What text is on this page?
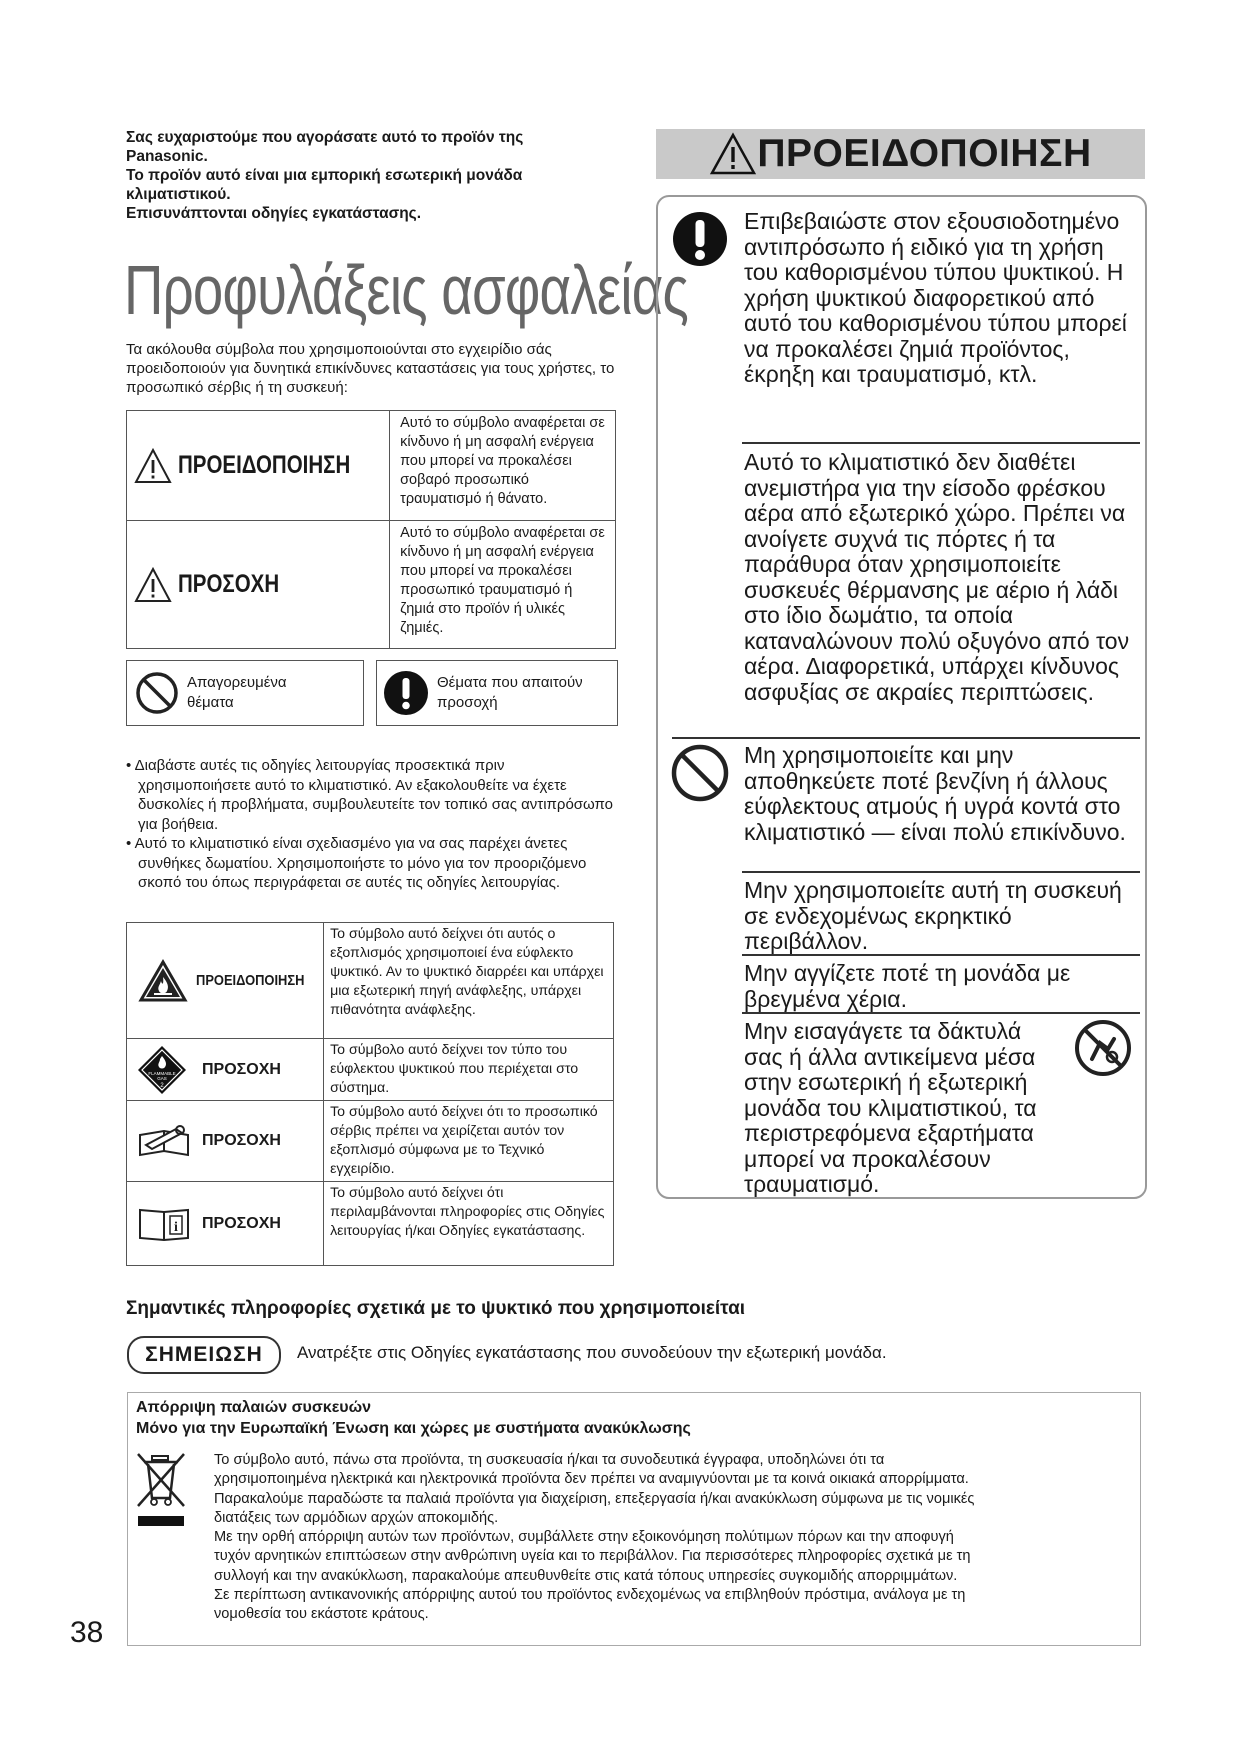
Σας ευχαριστούμε που αγοράσατε αυτό το προϊόν της
Panasonic.
Το προϊόν αυτό είναι μια εμπορική εσωτερική μονάδα
κλιματιστικού.
Επισυνάπτονται οδηγίες εγκατάστασης.
Προφυλάξεις ασφαλείας
Τα ακόλουθα σύμβολα που χρησιμοποιούνται στο εγχειρίδιο σάς προειδοποιούν για δυνητικά επικίνδυνες καταστάσεις για τους χρήστες, το προσωπικό σέρβις ή τη συσκευή:
ΠΡΟΕΙΔΟΠΟΙΗΣΗ	Αυτό το σύμβολο αναφέρεται σε κίνδυνο ή μη ασφαλή ενέργεια που μπορεί να προκαλέσει σοβαρό προσωπικό τραυματισμό ή θάνατο.

ΠΡΟΣΟΧΗ	Αυτό το σύμβολο αναφέρεται σε κίνδυνο ή μη ασφαλή ενέργεια που μπορεί να προκαλέσει προσωπικό τραυματισμό ή ζημιά στο προϊόν ή υλικές ζημιές.
Απαγορευμένα
θέματα
Θέματα που απαιτούν
προσοχή
• Διαβάστε αυτές τις οδηγίες λειτουργίας προσεκτικά πριν χρησιμοποιήσετε αυτό το κλιματιστικό. Αν εξακολουθείτε να έχετε δυσκολίες ή προβλήματα, συμβουλευτείτε τον τοπικό σας αντιπρόσωπο για βοήθεια.
• Αυτό το κλιματιστικό είναι σχεδιασμένο για να σας παρέχει άνετες συνθήκες δωματίου. Χρησιμοποιήστε το μόνο για τον προοριζόμενο σκοπό του όπως περιγράφεται σε αυτές τις οδηγίες λειτουργίας.
ΠΡΟΕΙΔΟΠΟΙΗΣΗ	Το σύμβολο αυτό δείχνει ότι αυτός ο εξοπλισμός χρησιμοποιεί ένα εύφλεκτο ψυκτικό. Αν το ψυκτικό διαρρέει και υπάρχει μια εξωτερική πηγή ανάφλεξης, υπάρχει πιθανότητα ανάφλεξης.

FLAMMABLE
GAS
2
ΠΡΟΣΟΧΗ	Το σύμβολο αυτό δείχνει τον τύπο του εύφλεκτου ψυκτικού που περιέχεται στο σύστημα.

ΠΡΟΣΟΧΗ	Το σύμβολο αυτό δείχνει ότι το προσωπικό σέρβις πρέπει να χειρίζεται αυτόν τον εξοπλισμό σύμφωνα με το Τεχνικό εγχειρίδιο.

i ΠΡΟΣΟΧΗ	Το σύμβολο αυτό δείχνει ότι περιλαμβάνονται πληροφορίες στις Οδηγίες λειτουργίας ή/και Οδηγίες εγκατάστασης.
ΠΡΟΕΙΔΟΠΟΙΗΣΗ
Επιβεβαιώστε στον εξουσιοδοτημένο αντιπρόσωπο ή ειδικό για τη χρήση του καθορισμένου τύπου ψυκτικού. Η χρήση ψυκτικού διαφορετικού από αυτό του καθορισμένου τύπου μπορεί να προκαλέσει ζημιά προϊόντος, έκρηξη και τραυματισμό, κτλ.
Αυτό το κλιματιστικό δεν διαθέτει ανεμιστήρα για την είσοδο φρέσκου αέρα από εξωτερικό χώρο. Πρέπει να ανοίγετε συχνά τις πόρτες ή τα παράθυρα όταν χρησιμοποιείτε συσκευές θέρμανσης με αέριο ή λάδι στο ίδιο δωμάτιο, τα οποία καταναλώνουν πολύ οξυγόνο από τον αέρα. Διαφορετικά, υπάρχει κίνδυνος ασφυξίας σε ακραίες περιπτώσεις.
Μη χρησιμοποιείτε και μην αποθηκεύετε ποτέ βενζίνη ή άλλους εύφλεκτους ατμούς ή υγρά κοντά στο κλιματιστικό — είναι πολύ επικίνδυνο.
Μην χρησιμοποιείτε αυτή τη συσκευή σε ενδεχομένως εκρηκτικό περιβάλλον.
Μην αγγίζετε ποτέ τη μονάδα με βρεγμένα χέρια.
Μην εισαγάγετε τα δάκτυλά σας ή άλλα αντικείμενα μέσα στην εσωτερική ή εξωτερική μονάδα του κλιματιστικού, τα περιστρεφόμενα εξαρτήματα μπορεί να προκαλέσουν τραυματισμό.
Σημαντικές πληροφορίες σχετικά με το ψυκτικό που χρησιμοποιείται
ΣΗΜΕΙΩΣΗ	Ανατρέξτε στις Οδηγίες εγκατάστασης που συνοδεύουν την εξωτερική μονάδα.
Απόρριψη παλαιών συσκευών
Μόνο για την Ευρωπαϊκή Ένωση και χώρες με συστήματα ανακύκλωσης
Το σύμβολο αυτό, πάνω στα προϊόντα, τη συσκευασία ή/και τα συνοδευτικά έγγραφα, υποδηλώνει ότι τα
χρησιμοποιημένα ηλεκτρικά και ηλεκτρονικά προϊόντα δεν πρέπει να αναμιγνύονται με τα κοινά οικιακά απορρίμματα.
Παρακαλούμε παραδώστε τα παλαιά προϊόντα για διαχείριση, επεξεργασία ή/και ανακύκλωση σύμφωνα με τις νομικές
διατάξεις των αρμόδιων αρχών αποκομιδής.
Με την ορθή απόρριψη αυτών των προϊόντων, συμβάλλετε στην εξοικονόμηση πολύτιμων πόρων και την αποφυγή
τυχόν αρνητικών επιπτώσεων στην ανθρώπινη υγεία και το περιβάλλον. Για περισσότερες πληροφορίες σχετικά με τη
συλλογή και την ανακύκλωση, παρακαλούμε απευθυνθείτε στις κατά τόπους υπηρεσίες συγκομιδής απορριμμάτων.
Σε περίπτωση αντικανονικής απόρριψης αυτού του προϊόντος ενδεχομένως να επιβληθούν πρόστιμα, ανάλογα με τη
νομοθεσία του εκάστοτε κράτους.
38
